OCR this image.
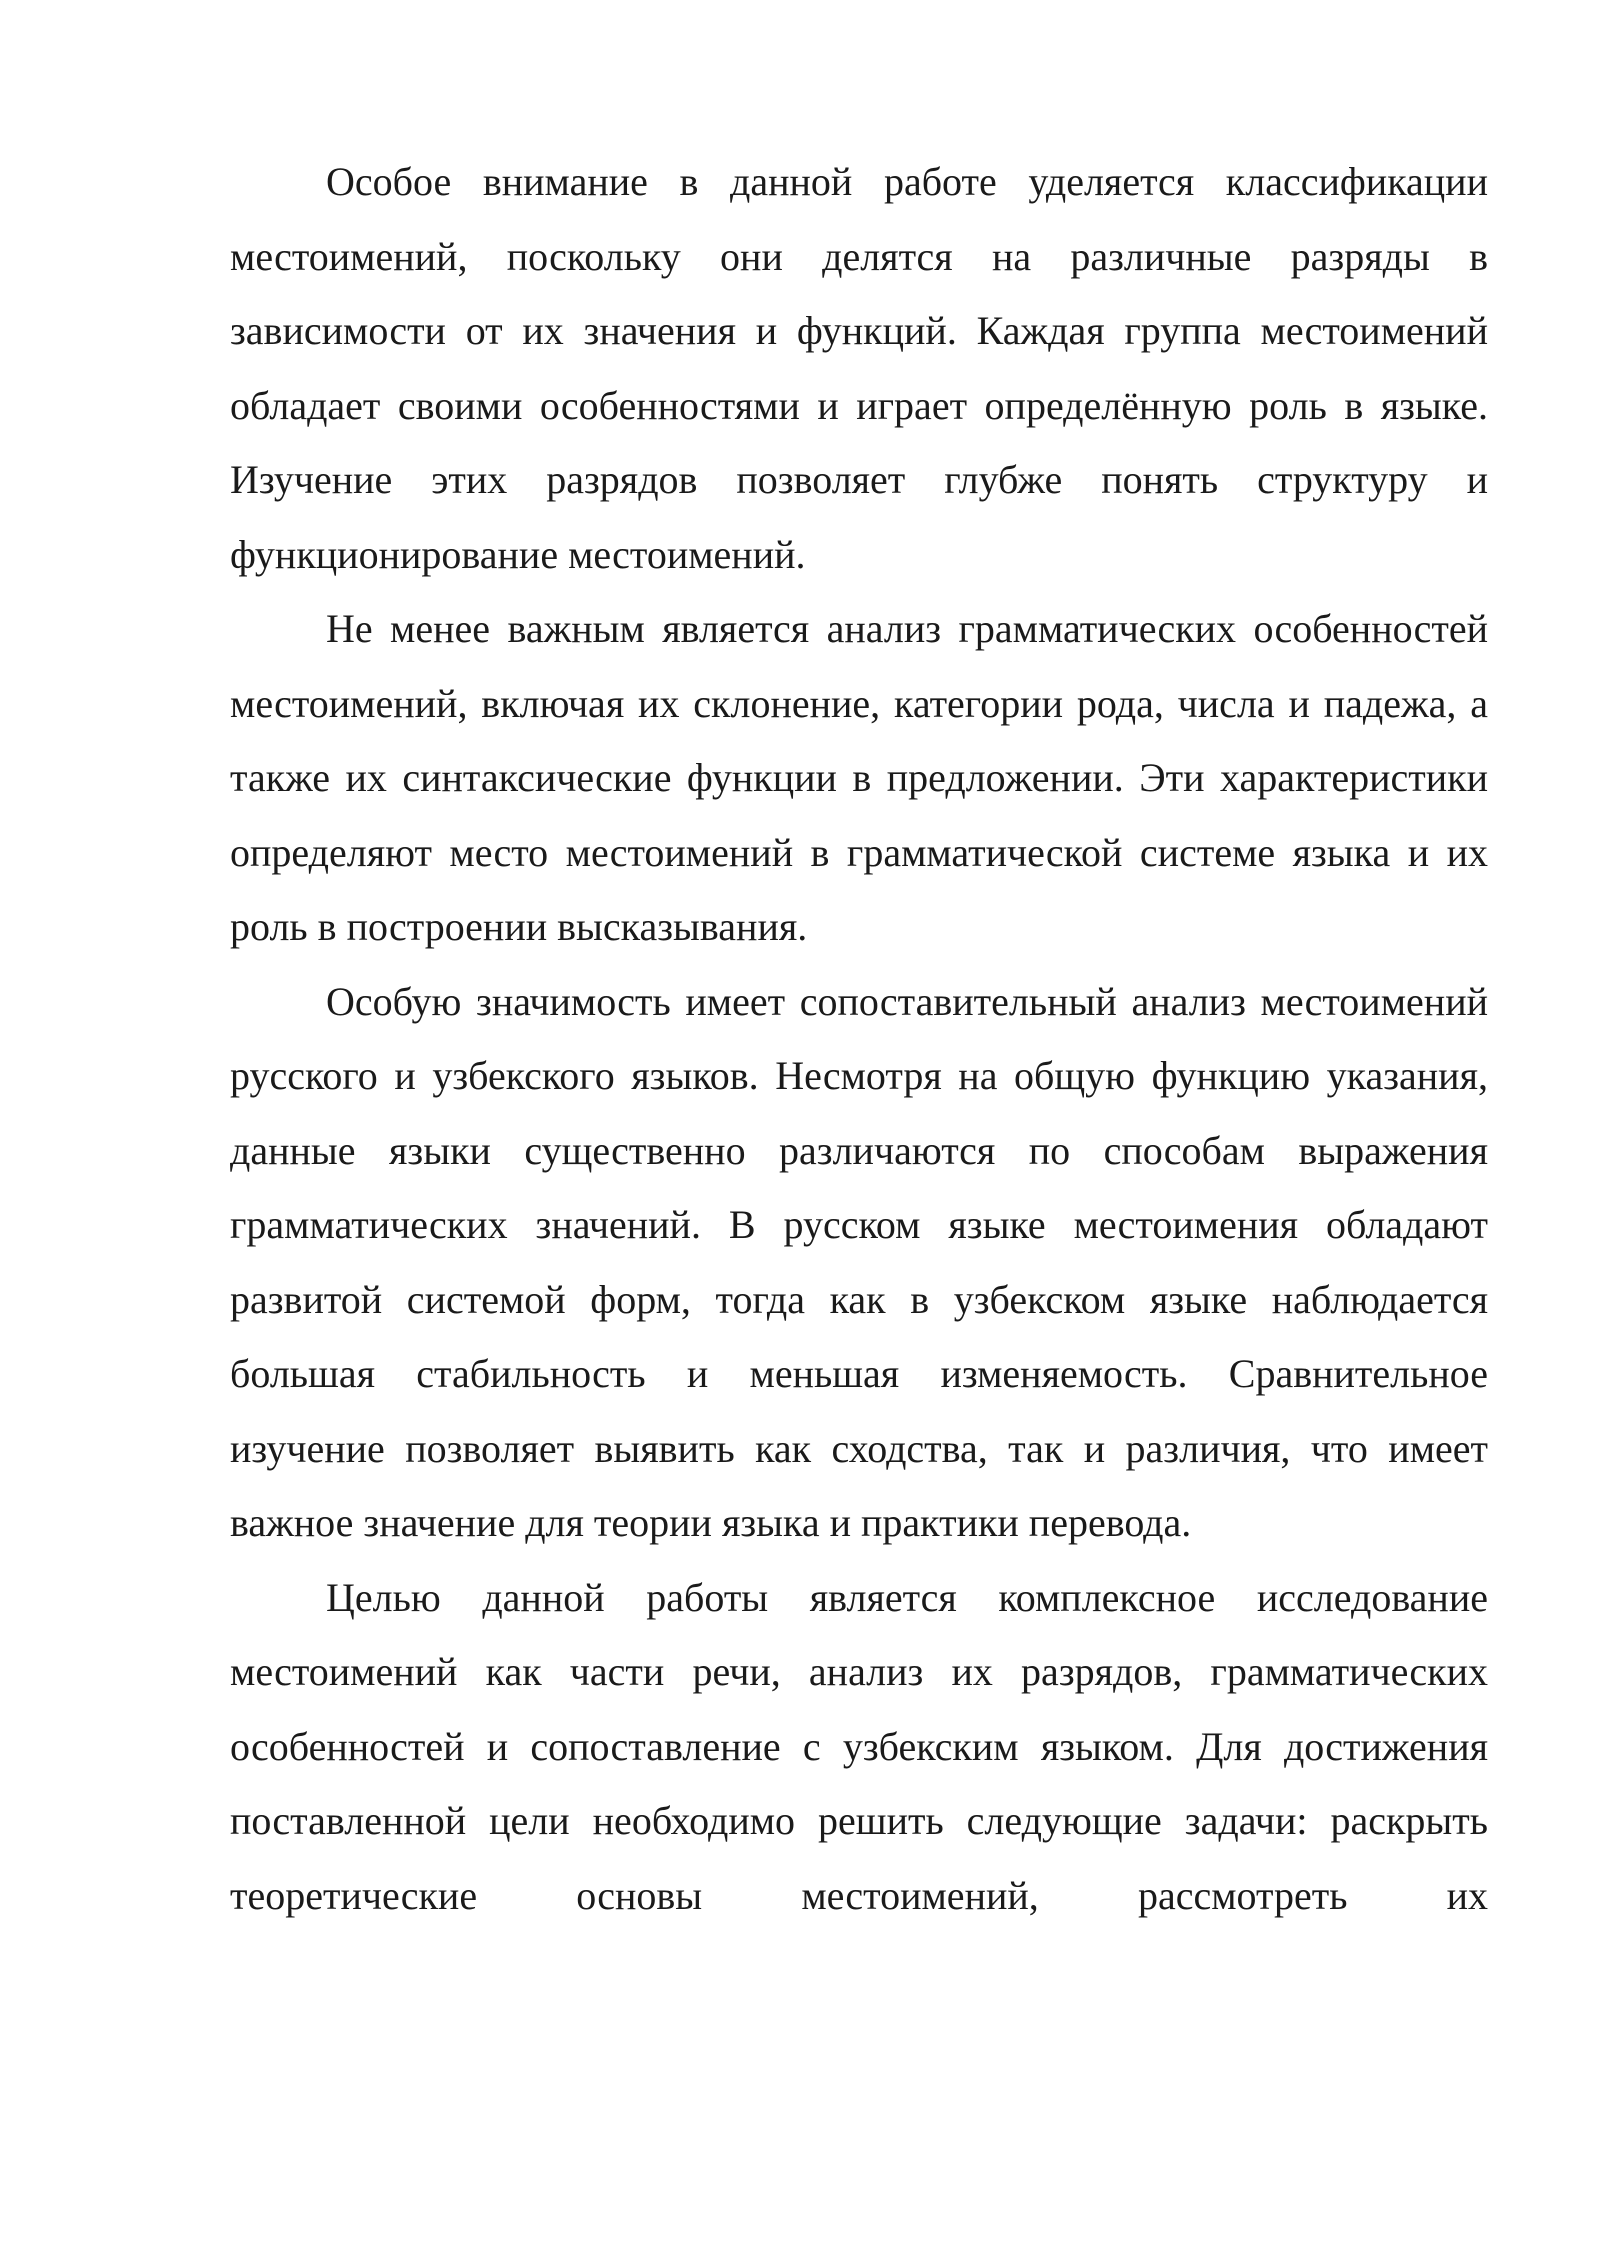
Особое внимание в данной работе уделяется классификации местоимений, поскольку они делятся на различные разряды в зависимости от их значения и функций. Каждая группа местоимений обладает своими особенностями и играет определённую роль в языке. Изучение этих разрядов позволяет глубже понять структуру и функционирование местоимений.

Не менее важным является анализ грамматических особенностей местоимений, включая их склонение, категории рода, числа и падежа, а также их синтаксические функции в предложении. Эти характеристики определяют место местоимений в грамматической системе языка и их роль в построении высказывания.

Особую значимость имеет сопоставительный анализ местоимений русского и узбекского языков. Несмотря на общую функцию указания, данные языки существенно различаются по способам выражения грамматических значений. В русском языке местоимения обладают развитой системой форм, тогда как в узбекском языке наблюдается большая стабильность и меньшая изменяемость. Сравнительное изучение позволяет выявить как сходства, так и различия, что имеет важное значение для теории языка и практики перевода.

Целью данной работы является комплексное исследование местоимений как части речи, анализ их разрядов, грамматических особенностей и сопоставление с узбекским языком. Для достижения поставленной цели необходимо решить следующие задачи: раскрыть теоретические основы местоимений, рассмотреть их
